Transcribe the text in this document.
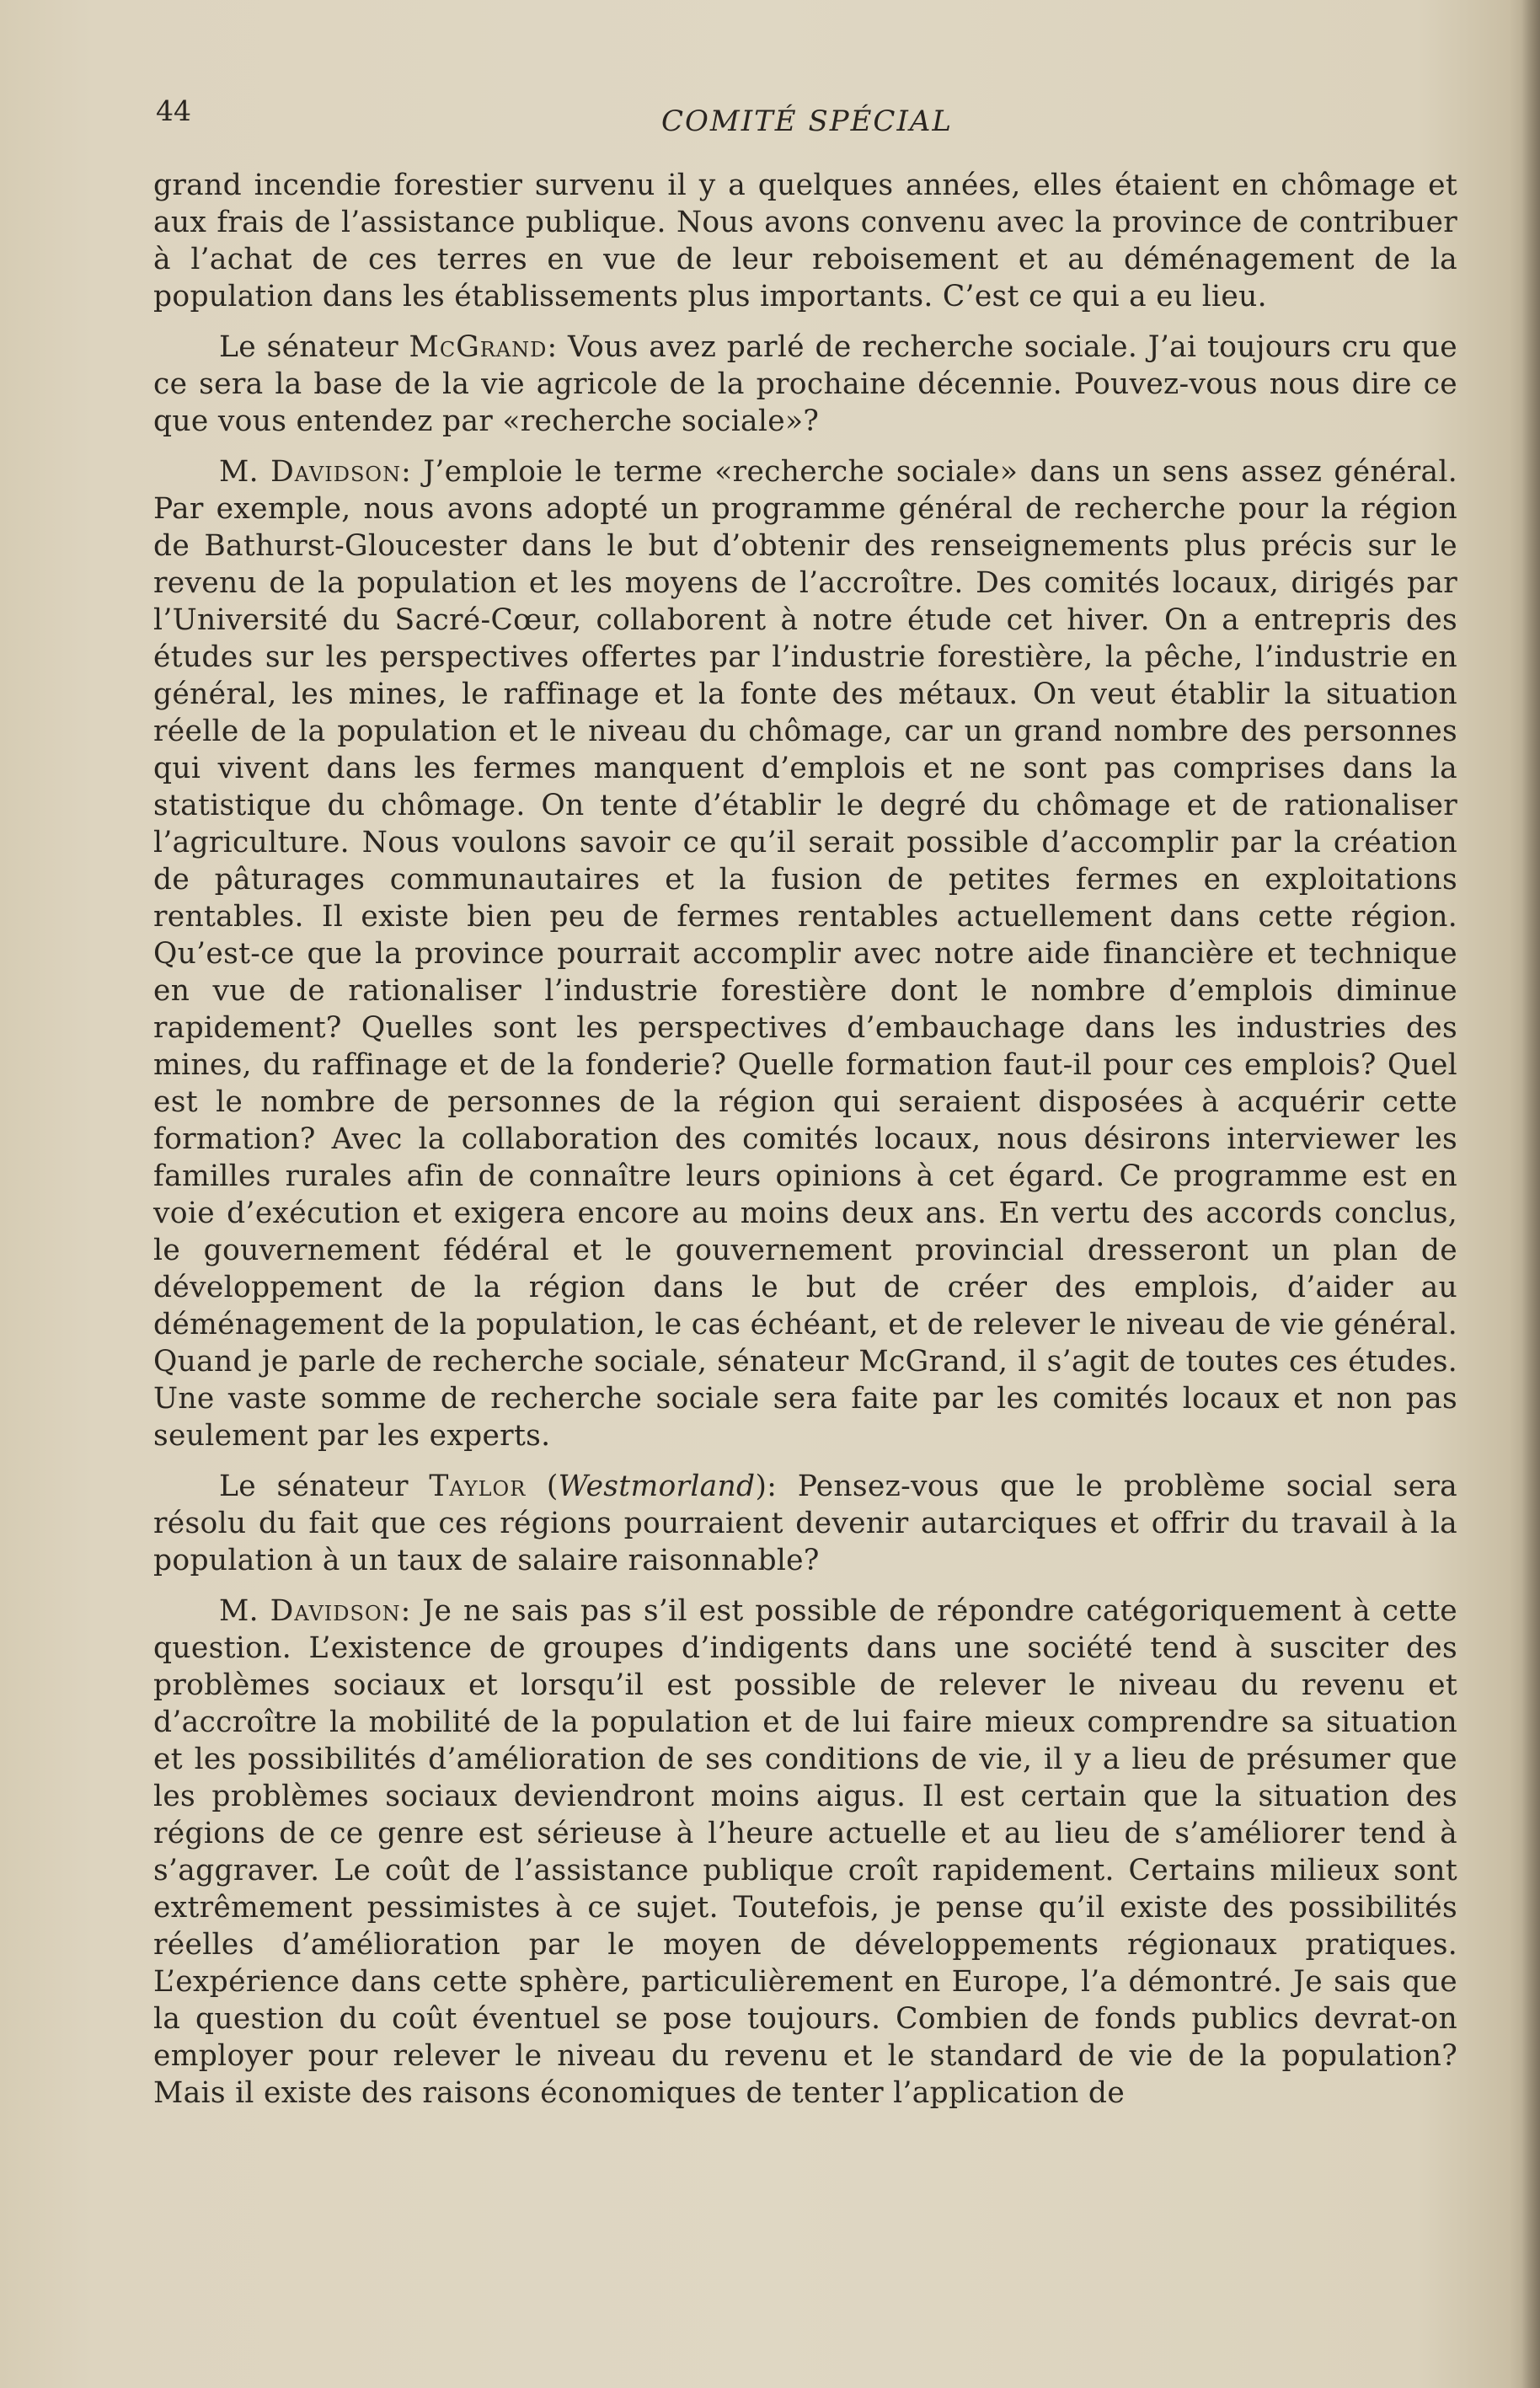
44	COMITÉ SPÉCIAL

grand incendie forestier survenu il y a quelques années, elles étaient en chômage et aux frais de l’assistance publique. Nous avons convenu avec la province de contribuer à l’achat de ces terres en vue de leur reboisement et au déménagement de la population dans les établissements plus importants. C’est ce qui a eu lieu.

Le sénateur McGrand: Vous avez parlé de recherche sociale. J’ai toujours cru que ce sera la base de la vie agricole de la prochaine décennie. Pouvez-vous nous dire ce que vous entendez par «recherche sociale»?

M. Davidson: J’emploie le terme «recherche sociale» dans un sens assez général. Par exemple, nous avons adopté un programme général de recherche pour la région de Bathurst-Gloucester dans le but d’obtenir des renseignements plus précis sur le revenu de la population et les moyens de l’accroître. Des comités locaux, dirigés par l’Université du Sacré-Cœur, collaborent à notre étude cet hiver. On a entrepris des études sur les perspectives offertes par l’industrie forestière, la pêche, l’industrie en général, les mines, le raffinage et la fonte des métaux. On veut établir la situation réelle de la population et le niveau du chômage, car un grand nombre des personnes qui vivent dans les fermes manquent d’emplois et ne sont pas comprises dans la statistique du chômage. On tente d’établir le degré du chômage et de rationaliser l’agriculture. Nous voulons savoir ce qu’il serait possible d’accomplir par la création de pâturages communautaires et la fusion de petites fermes en exploitations rentables. Il existe bien peu de fermes rentables actuellement dans cette région. Qu’est-ce que la province pourrait accomplir avec notre aide financière et technique en vue de rationaliser l’industrie forestière dont le nombre d’emplois diminue rapidement? Quelles sont les perspectives d’embauchage dans les industries des mines, du raffinage et de la fonderie? Quelle formation faut-il pour ces emplois? Quel est le nombre de personnes de la région qui seraient disposées à acquérir cette formation? Avec la collaboration des comités locaux, nous désirons interviewer les familles rurales afin de connaître leurs opinions à cet égard. Ce programme est en voie d’exécution et exigera encore au moins deux ans. En vertu des accords conclus, le gouvernement fédéral et le gouvernement provincial dresseront un plan de développement de la région dans le but de créer des emplois, d’aider au déménagement de la population, le cas échéant, et de relever le niveau de vie général. Quand je parle de recherche sociale, sénateur McGrand, il s’agit de toutes ces études. Une vaste somme de recherche sociale sera faite par les comités locaux et non pas seulement par les experts.

Le sénateur Taylor (Westmorland): Pensez-vous que le problème social sera résolu du fait que ces régions pourraient devenir autarciques et offrir du travail à la population à un taux de salaire raisonnable?

M. Davidson: Je ne sais pas s’il est possible de répondre catégoriquement à cette question. L’existence de groupes d’indigents dans une société tend à susciter des problèmes sociaux et lorsqu’il est possible de relever le niveau du revenu et d’accroître la mobilité de la population et de lui faire mieux comprendre sa situation et les possibilités d’amélioration de ses conditions de vie, il y a lieu de présumer que les problèmes sociaux deviendront moins aigus. Il est certain que la situation des régions de ce genre est sérieuse à l’heure actuelle et au lieu de s’améliorer tend à s’aggraver. Le coût de l’assistance publique croît rapidement. Certains milieux sont extrêmement pessimistes à ce sujet. Toutefois, je pense qu’il existe des possibilités réelles d’amélioration par le moyen de développements régionaux pratiques. L’expérience dans cette sphère, particulièrement en Europe, l’a démontré. Je sais que la question du coût éventuel se pose toujours. Combien de fonds publics devrat-on employer pour relever le niveau du revenu et le standard de vie de la population? Mais il existe des raisons économiques de tenter l’application de
